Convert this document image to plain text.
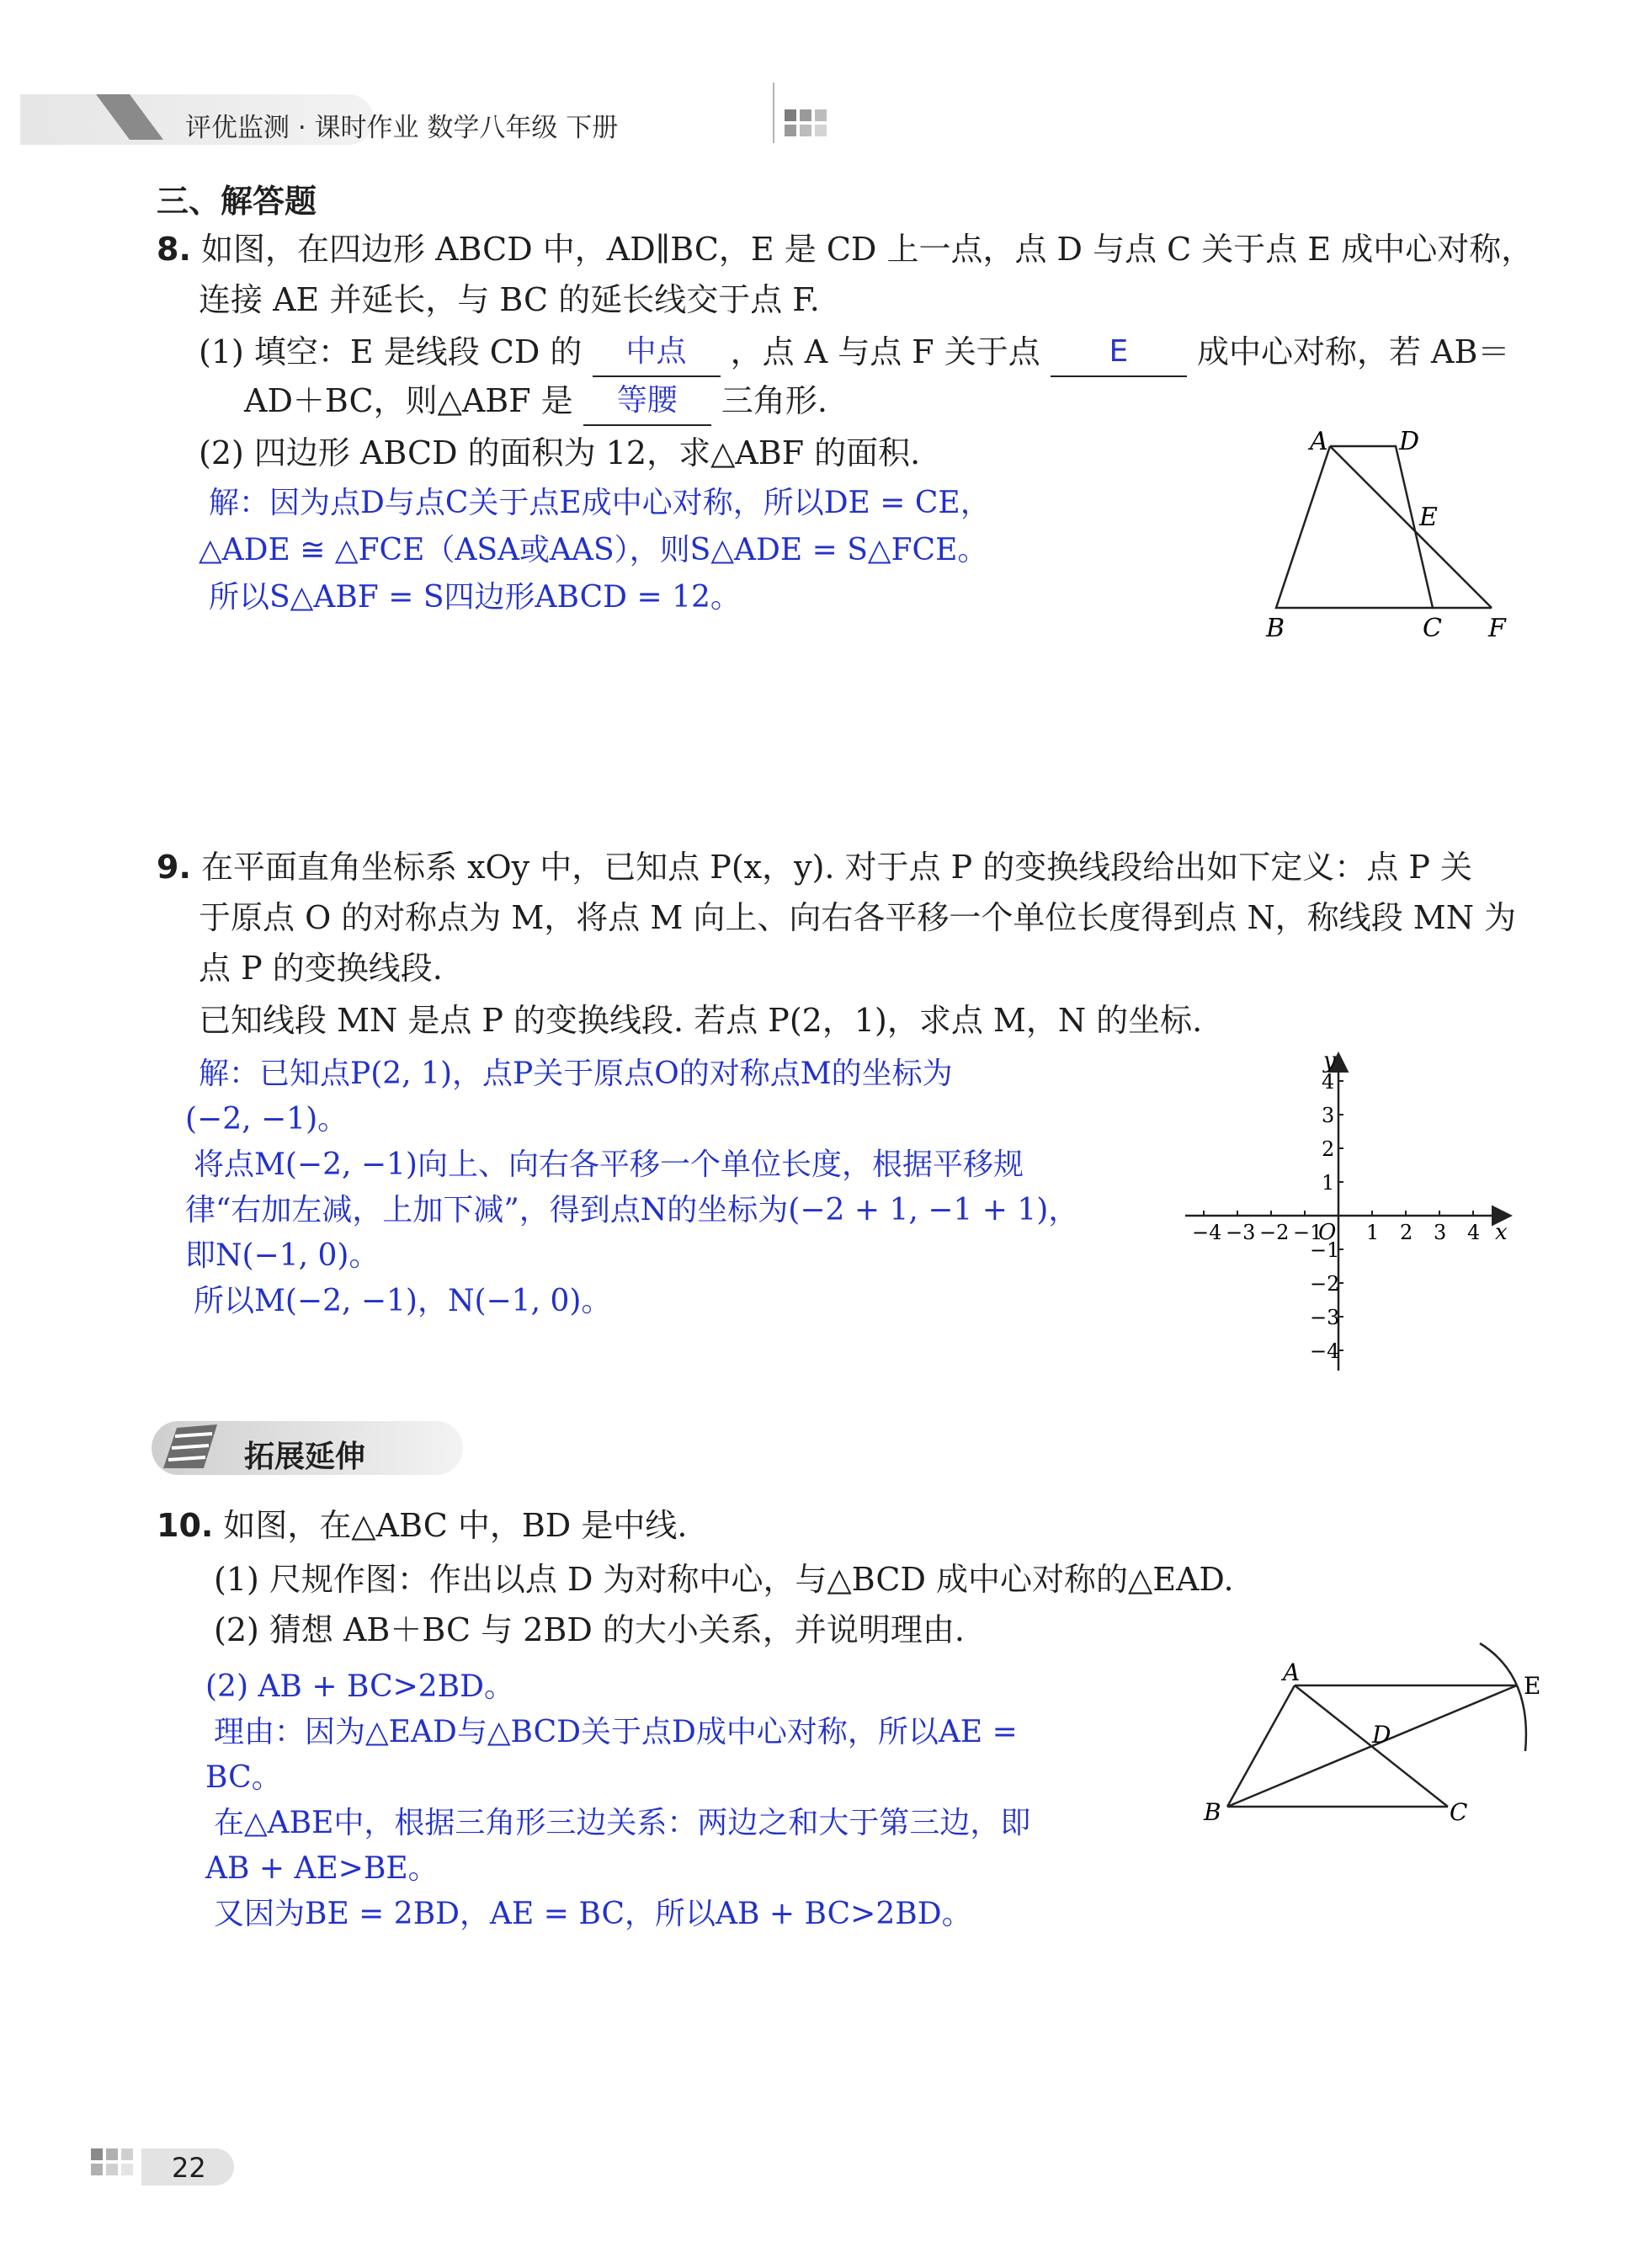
评优监测 · 课时作业 数学八年级 下册
三、解答题
8. 如图，在四边形 ABCD 中，AD∥BC，E 是 CD 上一点，点 D 与点 C 关于点 E 成中心对称，
连接 AE 并延长，与 BC 的延长线交于点 F.
(1) 填空：E 是线段 CD 的 中点 ，点 A 与点 F 关于点 E 成中心对称，若 AB＝
AD＋BC，则△ABF 是 等腰 三角形.
(2) 四边形 ABCD 的面积为 12，求△ABF 的面积.
解：因为点D与点C关于点E成中心对称，所以DE = CE，
△ADE ≅ △FCE（ASA或AAS），则S△ADE = S△FCE。
所以S△ABF = S四边形ABCD = 12。
A	D
E
B	C F
9. 在平面直角坐标系 xOy 中，已知点 P(x，y). 对于点 P 的变换线段给出如下定义：点 P 关
于原点 O 的对称点为 M，将点 M 向上、向右各平移一个单位长度得到点 N，称线段 MN 为
点 P 的变换线段.
已知线段 MN 是点 P 的变换线段. 若点 P(2，1)，求点 M，N 的坐标.
解：已知点P(2, 1)，点P关于原点O的对称点M的坐标为
(−2, −1)。
将点M(−2, −1)向上、向右各平移一个单位长度，根据平移规
律“右加左减，上加下减”，得到点N的坐标为(−2 + 1, −1 + 1)，
即N(−1, 0)。
所以M(−2, −1)，N(−1, 0)。
−4 −3 −2 −1 1 2 3 4
4
3
2
1
−1
−2
−3
−4
x
y
O
拓展延伸
10. 如图，在△ABC 中，BD 是中线.
(1) 尺规作图：作出以点 D 为对称中心，与△BCD 成中心对称的△EAD.
(2) 猜想 AB＋BC 与 2BD 的大小关系，并说明理由.
(2) AB + BC>2BD。
理由：因为△EAD与△BCD关于点D成中心对称，所以AE =
BC。
在△ABE中，根据三角形三边关系：两边之和大于第三边，即
AB + AE>BE。
又因为BE = 2BD，AE = BC，所以AB + BC>2BD。
A
B	C
D
E
22
